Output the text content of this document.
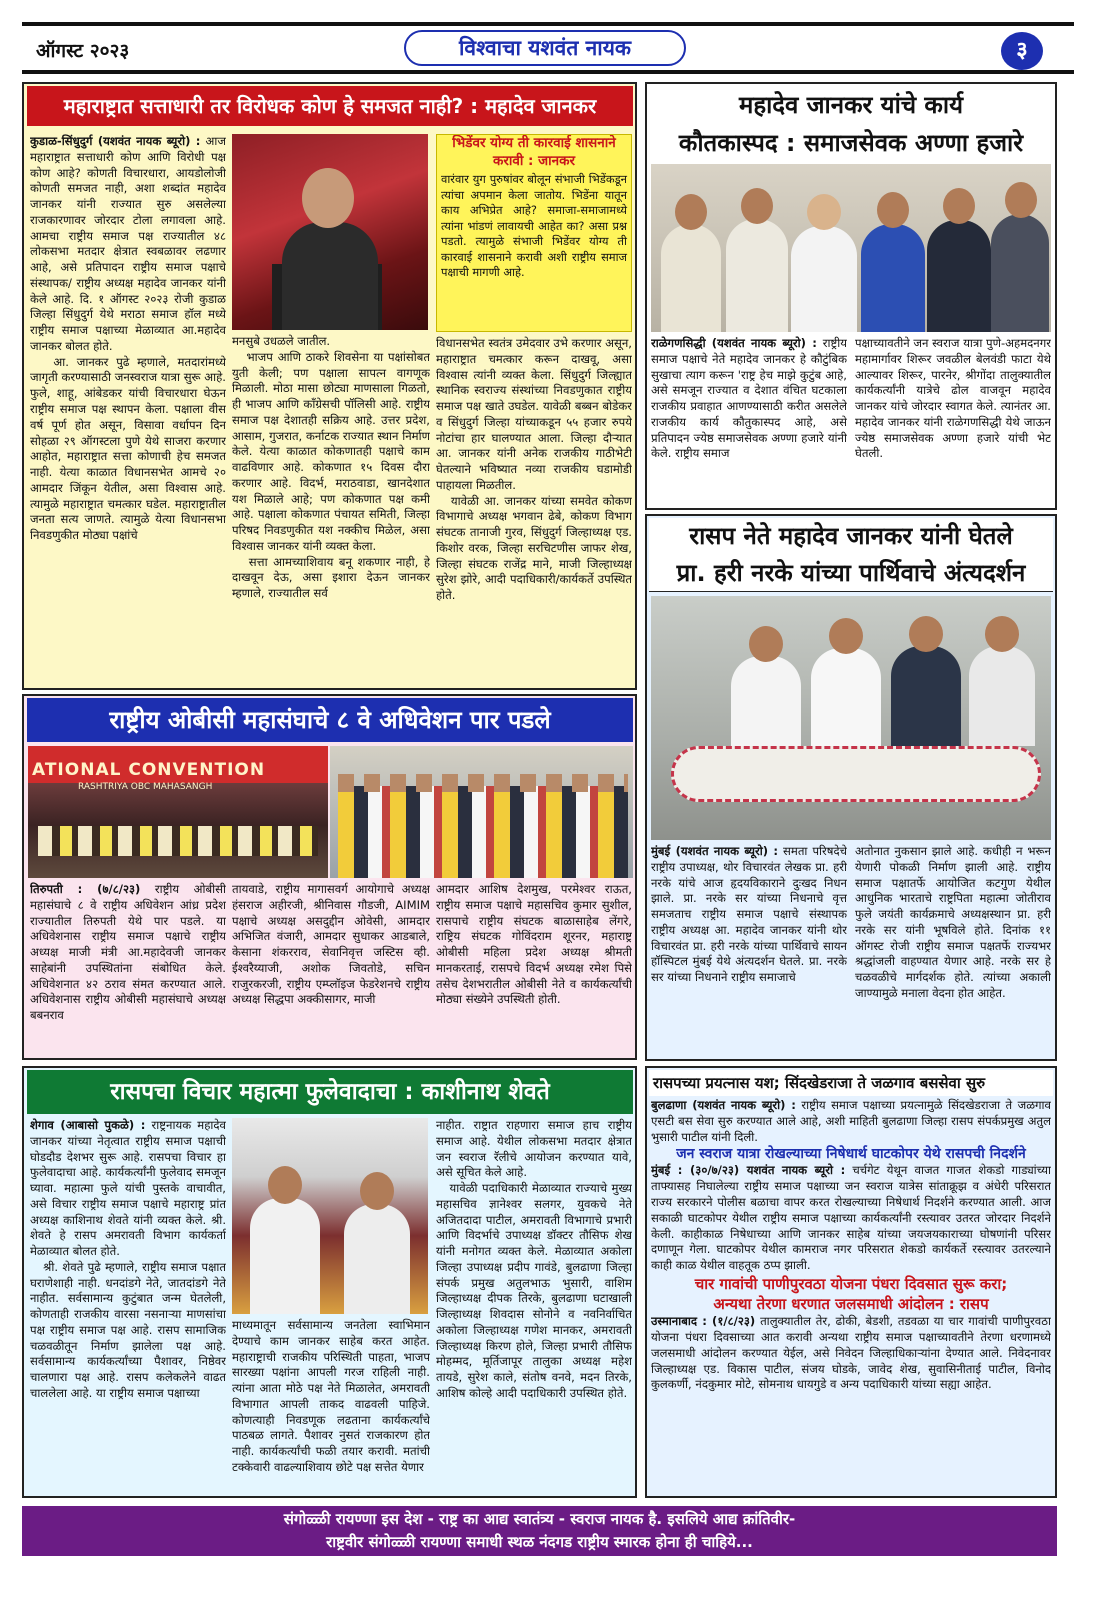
ऑगस्ट २०२३	विश्वाचा यशवंत नायक	३
महाराष्ट्रात सत्ताधारी तर विरोधक कोण हे समजत नाही? : महादेव जानकर
कुडाळ-सिंधुदुर्ग (यशवंत नायक ब्यूरो) : आज महाराष्ट्रात सत्ताधारी कोण आणि विरोधी पक्ष कोण आहे? कोणती विचारधारा, आयडोलोजी कोणती समजत नाही, अशा शब्दांत महादेव जानकर यांनी राज्यात सुरु असलेल्या राजकारणावर जोरदार टोला लगावला आहे. आमचा राष्ट्रीय समाज पक्ष राज्यातील ४८ लोकसभा मतदार क्षेत्रात स्वबळावर लढणार आहे, असे प्रतिपादन राष्ट्रीय समाज पक्षाचे संस्थापक/ राष्ट्रीय अध्यक्ष महादेव जानकर यांनी केले आहे. दि. १ ऑगस्ट २०२३ रोजी कुडाळ जिल्हा सिंधुदुर्ग येथे मराठा समाज हॉल मध्ये राष्ट्रीय समाज पक्षाच्या मेळाव्यात आ.महादेव जानकर बोलत होते.
आ. जानकर पुढे म्हणाले, मतदारांमध्ये जागृती करण्यासाठी जनस्वराज यात्रा सुरू आहे. फुले, शाहू, आंबेडकर यांची विचारधारा घेऊन राष्ट्रीय समाज पक्ष स्थापन केला. पक्षाला वीस वर्ष पूर्ण होत असून, विसावा वर्धापन दिन सोहळा २९ ऑगस्टला पुणे येथे साजरा करणार आहोत, महाराष्ट्रात सत्ता कोणाची हेच समजत नाही. येत्या काळात विधानसभेत आमचे २० आमदार जिंकून येतील, असा विश्वास आहे. त्यामुळे महाराष्ट्रात चमत्कार घडेल. महाराष्ट्रातील जनता सत्य जाणते. त्यामुळे येत्या विधानसभा निवडणुकीत मोठ्या पक्षांचे
मनसुबे उधळले जातील.
भाजप आणि ठाकरे शिवसेना या पक्षांसोबत युती केली; पण पक्षाला सापत्न वागणूक मिळाली. मोठा मासा छोट्या माणसाला गिळतो, ही भाजप आणि काँग्रेसची पॉलिसी आहे. राष्ट्रीय समाज पक्ष देशातही सक्रिय आहे. उत्तर प्रदेश, आसाम, गुजरात, कर्नाटक राज्यात स्थान निर्माण केले. येत्या काळात कोकणातही पक्षाचे काम वाढविणार आहे. कोकणात १५ दिवस दौरा करणार आहे. विदर्भ, मराठवाडा, खानदेशात यश मिळाले आहे; पण कोकणात पक्ष कमी आहे. पक्षाला कोकणात पंचायत समिती, जिल्हा परिषद निवडणुकीत यश नक्कीच मिळेल, असा विश्वास जानकर यांनी व्यक्त केला.
सत्ता आमच्याशिवाय बनू शकणार नाही, हे दाखवून देऊ, असा इशारा देऊन जानकर म्हणाले, राज्यातील सर्व
भिडेंवर योग्य ती कारवाई शासनाने करावी : जानकर
वारंवार युग पुरुषांवर बोलून संभाजी भिडेंकडून त्यांचा अपमान केला जातोय. भिडेंना यातून काय अभिप्रेत आहे? समाजा-समाजामध्ये त्यांना भांडणं लावायची आहेत का? असा प्रश्न पडतो. त्यामुळे संभाजी भिडेंवर योग्य ती कारवाई शासनाने करावी अशी राष्ट्रीय समाज पक्षाची मागणी आहे.
विधानसभेत स्वतंत्र उमेदवार उभे करणार असून, महाराष्ट्रात चमत्कार करून दाखवू, असा विश्वास त्यांनी व्यक्त केला. सिंधुदुर्ग जिल्ह्यात स्थानिक स्वराज्य संस्थांच्या निवडणुकात राष्ट्रीय समाज पक्ष खाते उघडेल. यावेळी बब्बन बोडेकर व सिंधुदुर्ग जिल्हा यांच्याकडून ५५ हजार रुपये नोटांचा हार घालण्यात आला. जिल्हा दौऱ्यात आ. जानकर यांनी अनेक राजकीय गाठीभेटी घेतल्याने भविष्यात नव्या राजकीय घडामोडी पाहायला मिळतील.
यावेळी आ. जानकर यांच्या समवेत कोकण विभागाचे अध्यक्ष भगवान ढेबे, कोकण विभाग संघटक तानाजी गुरव, सिंधुदुर्ग जिल्हाध्यक्ष एड. किशोर वरक, जिल्हा सरचिटणीस जाफर शेख, जिल्हा संघटक राजेंद्र माने, माजी जिल्हाध्यक्ष सुरेश झोरे, आदी पदाधिकारी/कार्यकर्ते उपस्थित होते.
महादेव जानकर यांचे कार्य
कौतकास्पद : समाजसेवक अण्णा हजारे
राळेगणसिद्धी (यशवंत नायक ब्यूरो) : राष्ट्रीय समाज पक्षाचे नेते महादेव जानकर हे कौटुंबिक सुखाचा त्याग करून 'राष्ट्र हेच माझे कुटुंब आहे, असे समजून राज्यात व देशात वंचित घटकाला राजकीय प्रवाहात आणण्यासाठी करीत असलेले राजकीय कार्य कौतुकास्पद आहे, असे प्रतिपादन ज्येष्ठ समाजसेवक अण्णा हजारे यांनी केले. राष्ट्रीय समाज
पक्षाच्यावतीने जन स्वराज यात्रा पुणे-अहमदनगर महामार्गावर शिरूर जवळील बेलवंडी फाटा येथे आल्यावर शिरूर, पारनेर, श्रीगोंदा तालुक्यातील कार्यकर्त्यांनी यात्रेचे ढोल वाजवून महादेव जानकर यांचे जोरदार स्वागत केले. त्यानंतर आ. महादेव जानकर यांनी राळेगणसिद्धी येथे जाऊन ज्येष्ठ समाजसेवक अण्णा हजारे यांची भेट घेतली.
रासप नेते महादेव जानकर यांनी घेतले
प्रा. हरी नरके यांच्या पार्थिवाचे अंत्यदर्शन
मुंबई (यशवंत नायक ब्यूरो) : समता परिषदेचे राष्ट्रीय उपाध्यक्ष, थोर विचारवंत लेखक प्रा. हरी नरके यांचे आज हृदयविकाराने दुःखद निधन झाले. प्रा. नरके सर यांच्या निधनाचे वृत्त समजताच राष्ट्रीय समाज पक्षाचे संस्थापक राष्ट्रीय अध्यक्ष आ. महादेव जानकर यांनी थोर विचारवंत प्रा. हरी नरके यांच्या पार्थिवाचे सायन हॉस्पिटल मुंबई येथे अंत्यदर्शन घेतले. प्रा. नरके सर यांच्या निधनाने राष्ट्रीय समाजाचे
अतोनात नुकसान झाले आहे. कधीही न भरून येणारी पोकळी निर्माण झाली आहे. राष्ट्रीय समाज पक्षातर्फे आयोजित कटगुण येथील आधुनिक भारताचे राष्ट्रपिता महात्मा जोतीराव फुले जयंती कार्यक्रमाचे अध्यक्षस्थान प्रा. हरी नरके सर यांनी भूषविले होते. दिनांक ११ ऑगस्ट रोजी राष्ट्रीय समाज पक्षतर्फे राज्यभर श्रद्धांजली वाहण्यात येणार आहे. नरके सर हे चळवळीचे मार्गदर्शक होते. त्यांच्या अकाली जाण्यामुळे मनाला वेदना होत आहेत.
राष्ट्रीय ओबीसी महासंघाचे ८ वे अधिवेशन पार पडले
ATIONAL CONVENTION
RASHTRIYA OBC MAHASANGH
तिरुपती : (७/८/२३) राष्ट्रीय ओबीसी महासंघाचे ८ वे राष्ट्रीय अधिवेशन आंध्र प्रदेश राज्यातील तिरुपती येथे पार पडले. या अधिवेशनास राष्ट्रीय समाज पक्षाचे राष्ट्रीय अध्यक्ष माजी मंत्री आ.महादेवजी जानकर साहेबांनी उपस्थितांना संबोधित केले. अधिवेशनात ४२ ठराव संमत करण्यात आले. अधिवेशनास राष्ट्रीय ओबीसी महासंघाचे अध्यक्ष बबनराव
तायवाडे, राष्ट्रीय मागासवर्ग आयोगाचे अध्यक्ष हंसराज अहीरजी, श्रीनिवास गौडजी, AIMIM पक्षाचे अध्यक्ष असदुद्दीन ओवेसी, आमदार अभिजित वंजारी, आमदार सुधाकर आडबाले, केसाना शंकरराव, सेवानिवृत्त जस्टिस व्ही. ईश्वरैय्याजी, अशोक जिवतोडे, सचिन राजुरकरजी, राष्ट्रीय एम्प्लॉइज फेडरेशनचे राष्ट्रीय अध्यक्ष सिद्धपा अक्कीसागर, माजी
आमदार आशिष देशमुख, परमेश्वर राऊत, राष्ट्रीय समाज पक्षाचे महासचिव कुमार सुशील, रासपाचे राष्ट्रीय संघटक बाळासाहेब लेंगरे, राष्ट्रिय संघटक गोविंदराम शूरनर, महाराष्ट्र ओबीसी महिला प्रदेश अध्यक्ष श्रीमती मानकरताई, रासपचे विदर्भ अध्यक्ष रमेश पिसे तसेच देशभरातील ओबीसी नेते व कार्यकर्त्यांची मोठ्या संख्येने उपस्थिती होती.
रासपचा विचार महात्मा फुलेवादाचा : काशीनाथ शेवते
शेगाव (आबासो पुकळे) : राष्ट्रनायक महादेव जानकर यांच्या नेतृत्वात राष्ट्रीय समाज पक्षाची घोडदौड देशभर सुरू आहे. रासपचा विचार हा फुलेवादाचा आहे. कार्यकर्त्यांनी फुलेवाद समजून घ्यावा. महात्मा फुले यांची पुस्तके वाचावीत, असे विचार राष्ट्रीय समाज पक्षाचे महाराष्ट्र प्रांत अध्यक्ष काशिनाथ शेवते यांनी व्यक्त केले. श्री. शेवते हे रासप अमरावती विभाग कार्यकर्ता मेळाव्यात बोलत होते.
श्री. शेवते पुढे म्हणाले, राष्ट्रीय समाज पक्षात घराणेशाही नाही. धनदांडगे नेते, जातदांडगे नेते नाहीत. सर्वसामान्य कुटुंबात जन्म घेतलेली, कोणताही राजकीय वारसा नसनाऱ्या माणसांचा पक्ष राष्ट्रीय समाज पक्ष आहे. रासप सामाजिक चळवळीतून निर्माण झालेला पक्ष आहे. सर्वसामान्य कार्यकर्त्यांच्या पैशावर, निष्ठेवर चालणारा पक्ष आहे. रासप कलेकलेने वाढत चाललेला आहे. या राष्ट्रीय समाज पक्षाच्या
माध्यमातून सर्वसामान्य जनतेला स्वाभिमान देण्याचे काम जानकर साहेब करत आहेत. महाराष्ट्राची राजकीय परिस्थिती पाहता, भाजप सारख्या पक्षांना आपली गरज राहिली नाही. त्यांना आता मोठे पक्ष नेते मिळालेत, अमरावती विभागात आपली ताकद वाढवली पाहिजे. कोणत्याही निवडणूक लढताना कार्यकर्त्यांचे पाठबळ लागते. पैशावर नुसतं राजकारण होत नाही. कार्यकर्त्यांची फळी तयार करावी. मतांची टक्केवारी वाढल्याशिवाय छोटे पक्ष सत्तेत येणार
नाहीत. राष्ट्रात राहणारा समाज हाच राष्ट्रीय समाज आहे. येथील लोकसभा मतदार क्षेत्रात जन स्वराज रॅलीचे आयोजन करण्यात यावे, असे सूचित केले आहे.
यावेळी पदाधिकारी मेळाव्यात राज्याचे मुख्य महासचिव ज्ञानेश्वर सलगर, युवकचे नेते अजितदादा पाटील, अमरावती विभागाचे प्रभारी आणि विदर्भाचे उपाध्यक्ष डॉक्टर तौसिफ शेख यांनी मनोगत व्यक्त केले. मेळाव्यात अकोला जिल्हा उपाध्यक्ष प्रदीप गावंडे, बुलढाणा जिल्हा संपर्क प्रमुख अतुलभाऊ भुसारी, वाशिम जिल्हाध्यक्ष दीपक तिरके, बुलढाणा घटाखाली जिल्हाध्यक्ष शिवदास सोनोने व नवनिर्वाचित अकोला जिल्हाध्यक्ष गणेश मानकर, अमरावती जिल्हाध्यक्ष किरण होले, जिल्हा प्रभारी तौसिफ मोहम्मद, मूर्तिजापूर तालुका अध्यक्ष महेश तायडे, सुरेश काले, संतोष वनवे, मदन तिरके, आशिष कोल्हे आदी पदाधिकारी उपस्थित होते.
रासपच्या प्रयत्नास यश; सिंदखेडराजा ते जळगाव बससेवा सुरु
बुलढाणा (यशवंत नायक ब्यूरो) : राष्ट्रीय समाज पक्षाच्या प्रयत्नामुळे सिंदखेडराजा ते जळगाव एसटी बस सेवा सुरु करण्यात आले आहे, अशी माहिती बुलढाणा जिल्हा रासप संपर्कप्रमुख अतुल भुसारी पाटील यांनी दिली.
जन स्वराज यात्रा रोखल्याच्या निषेधार्थ घाटकोपर येथे रासपची निदर्शने
मुंबई : (३०/७/२३) यशवंत नायक ब्यूरो : चर्चगेट येथून वाजत गाजत शेकडो गाड्यांच्या ताफ्यासह निघालेल्या राष्ट्रीय समाज पक्षाच्या जन स्वराज यात्रेस सांताक्रूझ व अंधेरी परिसरात राज्य सरकारने पोलीस बळाचा वापर करत रोखल्याच्या निषेधार्थ निदर्शने करण्यात आली. आज सकाळी घाटकोपर येथील राष्ट्रीय समाज पक्षाच्या कार्यकर्त्यांनी रस्त्यावर उतरत जोरदार निदर्शने केली. काहीकाळ निषेधाच्या आणि जानकर साहेब यांच्या जयजयकाराच्या घोषणांनी परिसर दणाणून गेला. घाटकोपर येथील कामराज नगर परिसरात शेकडो कार्यकर्ते रस्त्यावर उतरल्याने काही काळ येथील वाहतूक ठप्प झाली.
चार गावांची पाणीपुरवठा योजना पंधरा दिवसात सुरू करा;
अन्यथा तेरणा धरणात जलसमाधी आंदोलन : रासप
उस्मानाबाद : (१/८/२३) तालुक्यातील तेर, ढोकी, बेडशी, तडवळा या चार गावांची पाणीपुरवठा योजना पंधरा दिवसाच्या आत करावी अन्यथा राष्ट्रीय समाज पक्षाच्यावतीने तेरणा धरणामध्ये जलसमाधी आंदोलन करण्यात येईल, असे निवेदन जिल्हाधिकाऱ्यांना देण्यात आले. निवेदनावर जिल्हाध्यक्ष एड. विकास पाटील, संजय घोडके, जावेद शेख, सुवासिनीताई पाटील, विनोद कुलकर्णी, नंदकुमार मोटे, सोमनाथ धायगुडे व अन्य पदाधिकारी यांच्या सह्या आहेत.
संगोळ्ळी रायण्णा इस देश - राष्ट्र का आद्य स्वातंत्र्य - स्वराज नायक है. इसलिये आद्य क्रांतिवीर-
राष्ट्रवीर संगोळ्ळी रायण्णा समाधी स्थळ नंदगड राष्ट्रीय स्मारक होना ही चाहिये...
